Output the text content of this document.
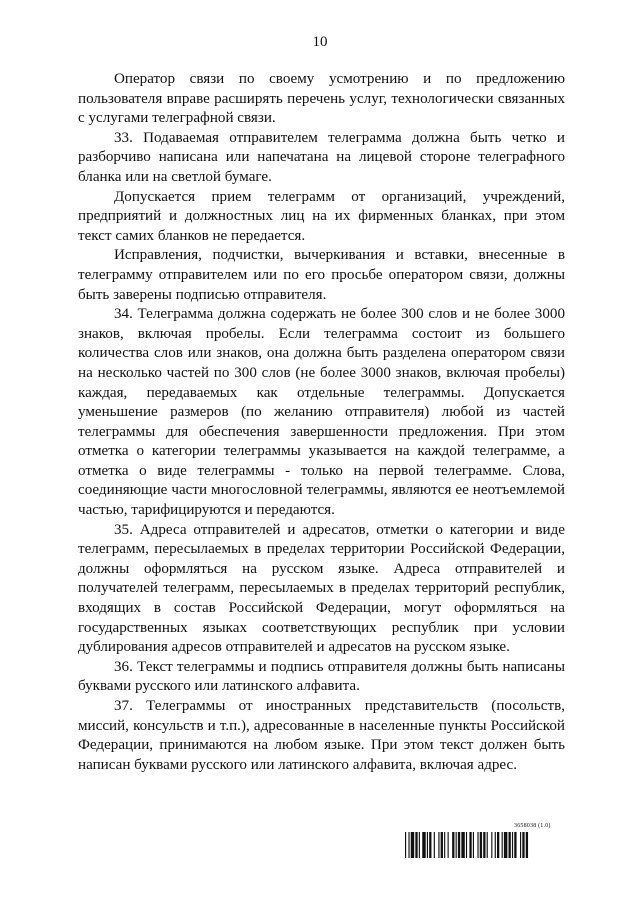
10

Оператор связи по своему усмотрению и по предложению пользователя вправе расширять перечень услуг, технологически связанных с услугами телеграфной связи.

33. Подаваемая отправителем телеграмма должна быть четко и разборчиво написана или напечатана на лицевой стороне телеграфного бланка или на светлой бумаге.

Допускается прием телеграмм от организаций, учреждений, предприятий и должностных лиц на их фирменных бланках, при этом текст самих бланков не передается.

Исправления, подчистки, вычеркивания и вставки, внесенные в телеграмму отправителем или по его просьбе оператором связи, должны быть заверены подписью отправителя.

34. Телеграмма должна содержать не более 300 слов и не более 3000 знаков, включая пробелы. Если телеграмма состоит из большего количества слов или знаков, она должна быть разделена оператором связи на несколько частей по 300 слов (не более 3000 знаков, включая пробелы) каждая, передаваемых как отдельные телеграммы. Допускается уменьшение размеров (по желанию отправителя) любой из частей телеграммы для обеспечения завершенности предложения. При этом отметка о категории телеграммы указывается на каждой телеграмме, а отметка о виде телеграммы - только на первой телеграмме. Слова, соединяющие части многословной телеграммы, являются ее неотъемлемой частью, тарифицируются и передаются.

35. Адреса отправителей и адресатов, отметки о категории и виде телеграмм, пересылаемых в пределах территории Российской Федерации, должны оформляться на русском языке. Адреса отправителей и получателей телеграмм, пересылаемых в пределах территорий республик, входящих в состав Российской Федерации, могут оформляться на государственных языках соответствующих республик при условии дублирования адресов отправителей и адресатов на русском языке.

36. Текст телеграммы и подпись отправителя должны быть написаны буквами русского или латинского алфавита.

37. Телеграммы от иностранных представительств (посольств, миссий, консульств и т.п.), адресованные в населенные пункты Российской Федерации, принимаются на любом языке. При этом текст должен быть написан буквами русского или латинского алфавита, включая адрес.

3658038 (1.0)
